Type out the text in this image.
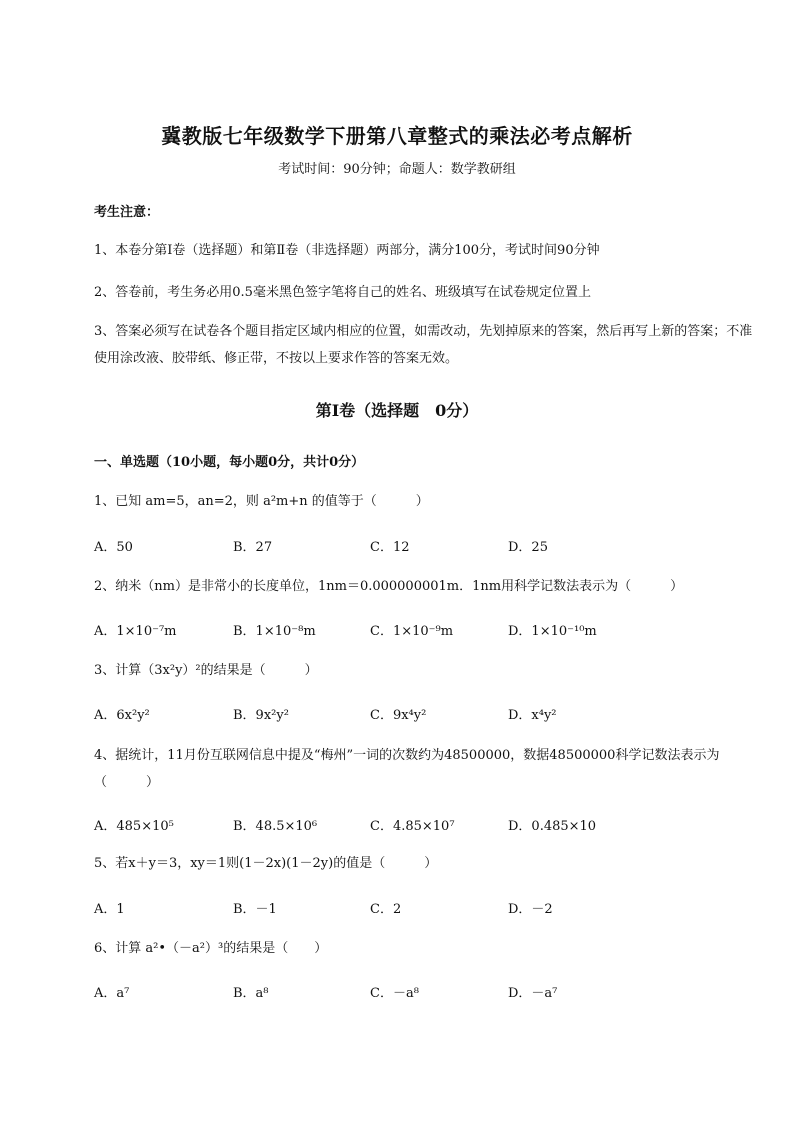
冀教版七年级数学下册第八章整式的乘法必考点解析
考试时间：90分钟；命题人：数学教研组
考生注意：
1、本卷分第Ⅰ卷（选择题）和第Ⅱ卷（非选择题）两部分，满分100分，考试时间90分钟
2、答卷前，考生务必用0.5毫米黑色签字笔将自己的姓名、班级填写在试卷规定位置上
3、答案必须写在试卷各个题目指定区域内相应的位置，如需改动，先划掉原来的答案，然后再写上新的答案；不准使用涂改液、胶带纸、修正带，不按以上要求作答的答案无效。
第Ⅰ卷（选择题　0分）
一、单选题（10小题，每小题0分，共计0分）
1、已知 am=5，an=2，则 a²m+n 的值等于（　　　）
A．50	B．27	C．12	D．25
2、纳米（nm）是非常小的长度单位，1nm＝0.000000001m．1nm用科学记数法表示为（　　　）
A．1×10⁻⁷m	B．1×10⁻⁸m	C．1×10⁻⁹m	D．1×10⁻¹⁰m
3、计算（3x²y）²的结果是（　　　）
A．6x²y²	B．9x²y²	C．9x⁴y²	D．x⁴y²
4、据统计，11月份互联网信息中提及“梅州”一词的次数约为48500000，数据48500000科学记数法表示为（　　　）
A．485×10⁵	B．48.5×10⁶	C．4.85×10⁷	D．0.485×10
5、若x＋y＝3，xy＝1则(1－2x)(1－2y)的值是（　　　）
A．1	B．－1	C．2	D．－2
6、计算 a²•（－a²）³的结果是（　　）
A．a⁷	B．a⁸	C．－a⁸	D．－a⁷
